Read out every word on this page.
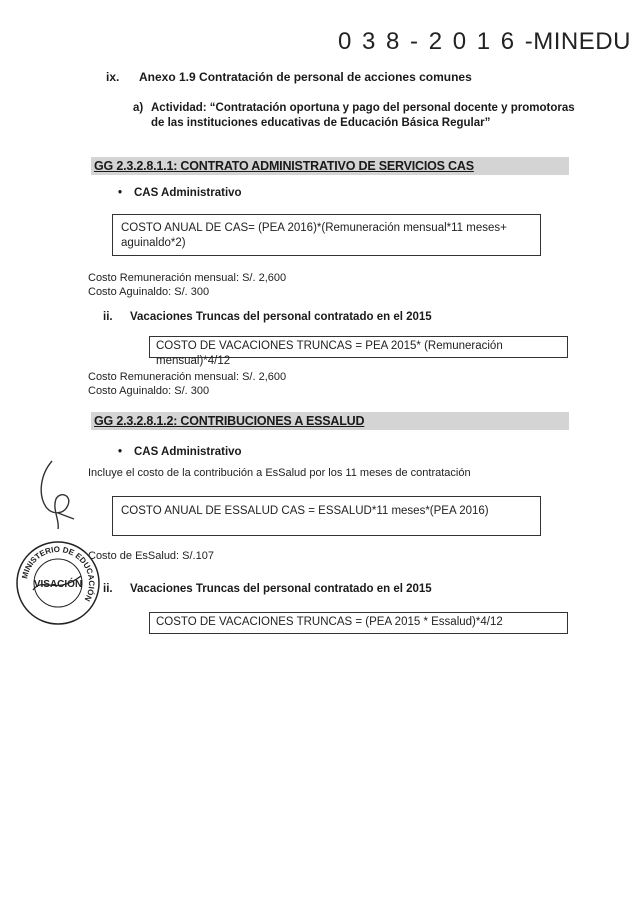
0 3 8 - 2 0 1 6 -MINEDU
ix. Anexo 1.9 Contratación de personal de acciones comunes
a) Actividad: “Contratación oportuna y pago del personal docente y promotoras de las instituciones educativas de Educación Básica Regular”
GG 2.3.2.8.1.1: CONTRATO ADMINISTRATIVO DE SERVICIOS CAS
• CAS Administrativo
COSTO ANUAL DE CAS= (PEA 2016)*(Remuneración mensual*11 meses+ aguinaldo*2)
Costo Remuneración mensual: S/. 2,600
Costo Aguinaldo: S/. 300
ii. Vacaciones Truncas del personal contratado en el 2015
COSTO DE VACACIONES TRUNCAS = PEA 2015* (Remuneración mensual)*4/12
Costo Remuneración mensual: S/. 2,600
Costo Aguinaldo: S/. 300
GG 2.3.2.8.1.2: CONTRIBUCIONES A ESSALUD
• CAS Administrativo
Incluye el costo de la contribución a EsSalud por los 11 meses de contratación
COSTO ANUAL DE ESSALUD CAS = ESSALUD*11 meses*(PEA 2016)
Costo de EsSalud: S/.107
ii. Vacaciones Truncas del personal contratado en el 2015
COSTO DE VACACIONES TRUNCAS = (PEA 2015 * Essalud)*4/12
MINISTERIO DE EDUCACIÓN
VISACIÓN
